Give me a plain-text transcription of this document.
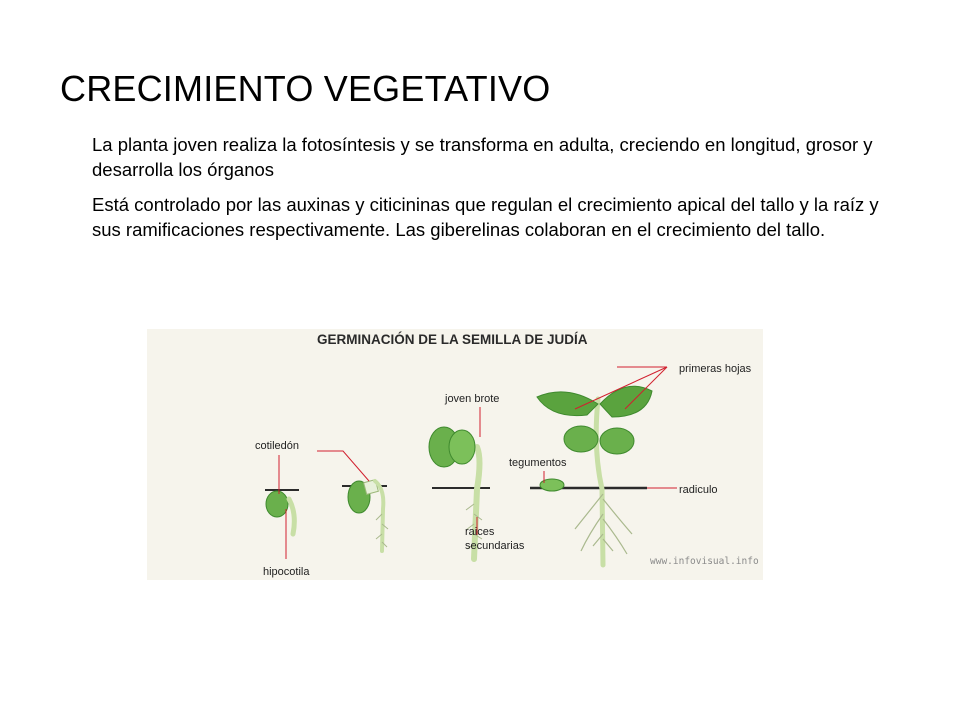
CRECIMIENTO VEGETATIVO

La planta joven realiza la fotosíntesis y se transforma en adulta, creciendo en longitud, grosor y desarrolla los órganos

Está controlado por las auxinas y citicininas que regulan el crecimiento apical del tallo y la raíz y sus ramificaciones respectivamente. Las giberelinas colaboran en el crecimiento del tallo.

GERMINACIÓN DE LA SEMILLA DE JUDÍA
cotiledón
hipocotila
joven brote
raices
secundarias
tegumentos
primeras hojas
radiculo
www.infovisual.info
